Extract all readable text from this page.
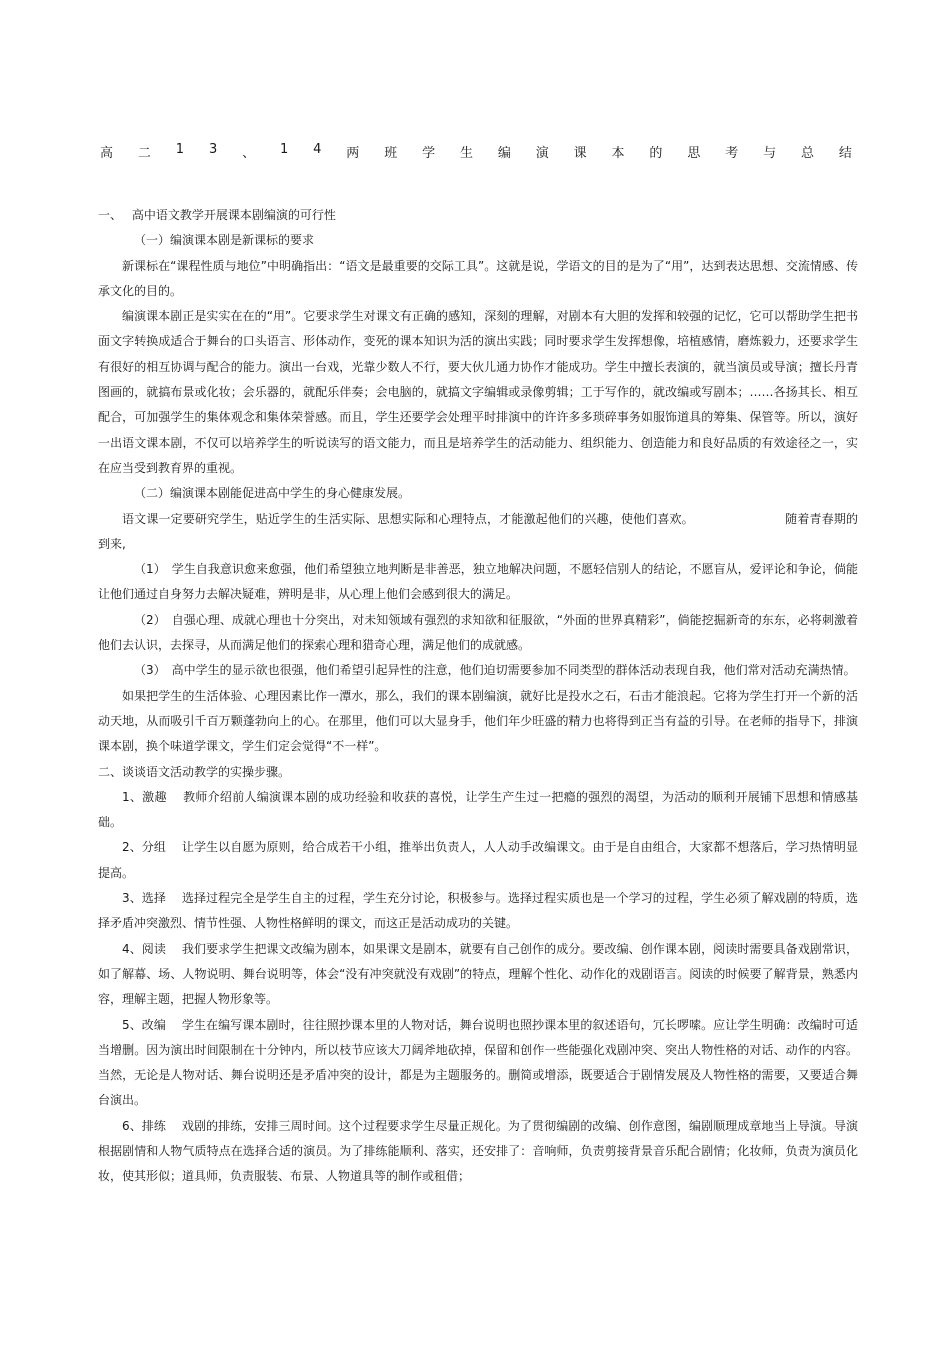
高 二 1 3 、 1 4 两 班 学 生 编 演 课 本 的 思 考 与 总 结

一、　 高中语文教学开展课本剧编演的可行性

（一）编演课本剧是新课标的要求

新课标在“课程性质与地位”中明确指出：“语文是最重要的交际工具”。这就是说，学语文的目的是为了“用”，达到表达思想、交流情感、传承文化的目的。

编演课本剧正是实实在在的“用”。它要求学生对课文有正确的感知，深刻的理解，对剧本有大胆的发挥和较强的记忆，它可以帮助学生把书面文字转换成适合于舞台的口头语言、形体动作，变死的课本知识为活的演出实践；同时要求学生发挥想像，培植感情，磨炼毅力，还要求学生有很好的相互协调与配合的能力。演出一台戏，光靠少数人不行，要大伙儿通力协作才能成功。学生中擅长表演的，就当演员或导演；擅长丹青图画的，就搞布景或化妆；会乐器的，就配乐伴奏；会电脑的，就搞文字编辑或录像剪辑；工于写作的，就改编或写剧本；……各扬其长、相互配合，可加强学生的集体观念和集体荣誉感。而且，学生还要学会处理平时排演中的许许多多琐碎事务如服饰道具的筹集、保管等。所以，演好一出语文课本剧，不仅可以培养学生的听说读写的语文能力，而且是培养学生的活动能力、组织能力、创造能力和良好品质的有效途径之一，实在应当受到教育界的重视。

（二）编演课本剧能促进高中学生的身心健康发展。

语文课一定要研究学生，贴近学生的生活实际、思想实际和心理特点，才能激起他们的兴趣，使他们喜欢。　　　　　　　　随着青春期的到来,

（1）　学生自我意识愈来愈强，他们希望独立地判断是非善恶，独立地解决问题，不愿轻信别人的结论，不愿盲从，爱评论和争论，倘能让他们通过自身努力去解决疑难，辨明是非，从心理上他们会感到很大的满足。

（2）　自强心理、成就心理也十分突出，对未知领域有强烈的求知欲和征服欲，“外面的世界真精彩”，倘能挖掘新奇的东东，必将刺激着他们去认识，去探寻，从而满足他们的探索心理和猎奇心理，满足他们的成就感。

（3）　高中学生的显示欲也很强，他们希望引起异性的注意，他们迫切需要参加不同类型的群体活动表现自我，他们常对活动充满热情。

如果把学生的生活体验、心理因素比作一潭水，那么，我们的课本剧编演，就好比是投水之石，石击才能浪起。它将为学生打开一个新的活动天地，从而吸引千百万颗蓬勃向上的心。在那里，他们可以大显身手，他们年少旺盛的精力也将得到正当有益的引导。在老师的指导下，排演课本剧，换个味道学课文，学生们定会觉得“不一样”。

二、谈谈语文活动教学的实操步骤。

1、激趣　 教师介绍前人编演课本剧的成功经验和收获的喜悦，让学生产生过一把瘾的强烈的渴望，为活动的顺利开展铺下思想和情感基础。

2、分组　 让学生以自愿为原则，给合成若干小组，推举出负责人，人人动手改编课文。由于是自由组合，大家都不想落后，学习热情明显提高。

3、选择　 选择过程完全是学生自主的过程，学生充分讨论，积极参与。选择过程实质也是一个学习的过程，学生必须了解戏剧的特质，选择矛盾冲突激烈、情节性强、人物性格鲜明的课文，而这正是活动成功的关键。

4、阅读　 我们要求学生把课文改编为剧本，如果课文是剧本，就要有自己创作的成分。要改编、创作课本剧，阅读时需要具备戏剧常识，如了解幕、场、人物说明、舞台说明等，体会“没有冲突就没有戏剧”的特点，理解个性化、动作化的戏剧语言。阅读的时候要了解背景，熟悉内容，理解主题，把握人物形象等。

5、改编　 学生在编写课本剧时，往往照抄课本里的人物对话，舞台说明也照抄课本里的叙述语句，冗长啰嗦。应让学生明确：改编时可适当增删。因为演出时间限制在十分钟内，所以枝节应该大刀阔斧地砍掉，保留和创作一些能强化戏剧冲突、突出人物性格的对话、动作的内容。当然，无论是人物对话、舞台说明还是矛盾冲突的设计，都是为主题服务的。删简或增添，既要适合于剧情发展及人物性格的需要，又要适合舞台演出。

6、排练　 戏剧的排练，安排三周时间。这个过程要求学生尽量正规化。为了贯彻编剧的改编、创作意图，编剧顺理成章地当上导演。导演根据剧情和人物气质特点在选择合适的演员。为了排练能顺利、落实，还安排了：音响师，负责剪接背景音乐配合剧情；化妆师，负责为演员化妆，使其形似；道具师，负责服装、布景、人物道具等的制作或租借；
